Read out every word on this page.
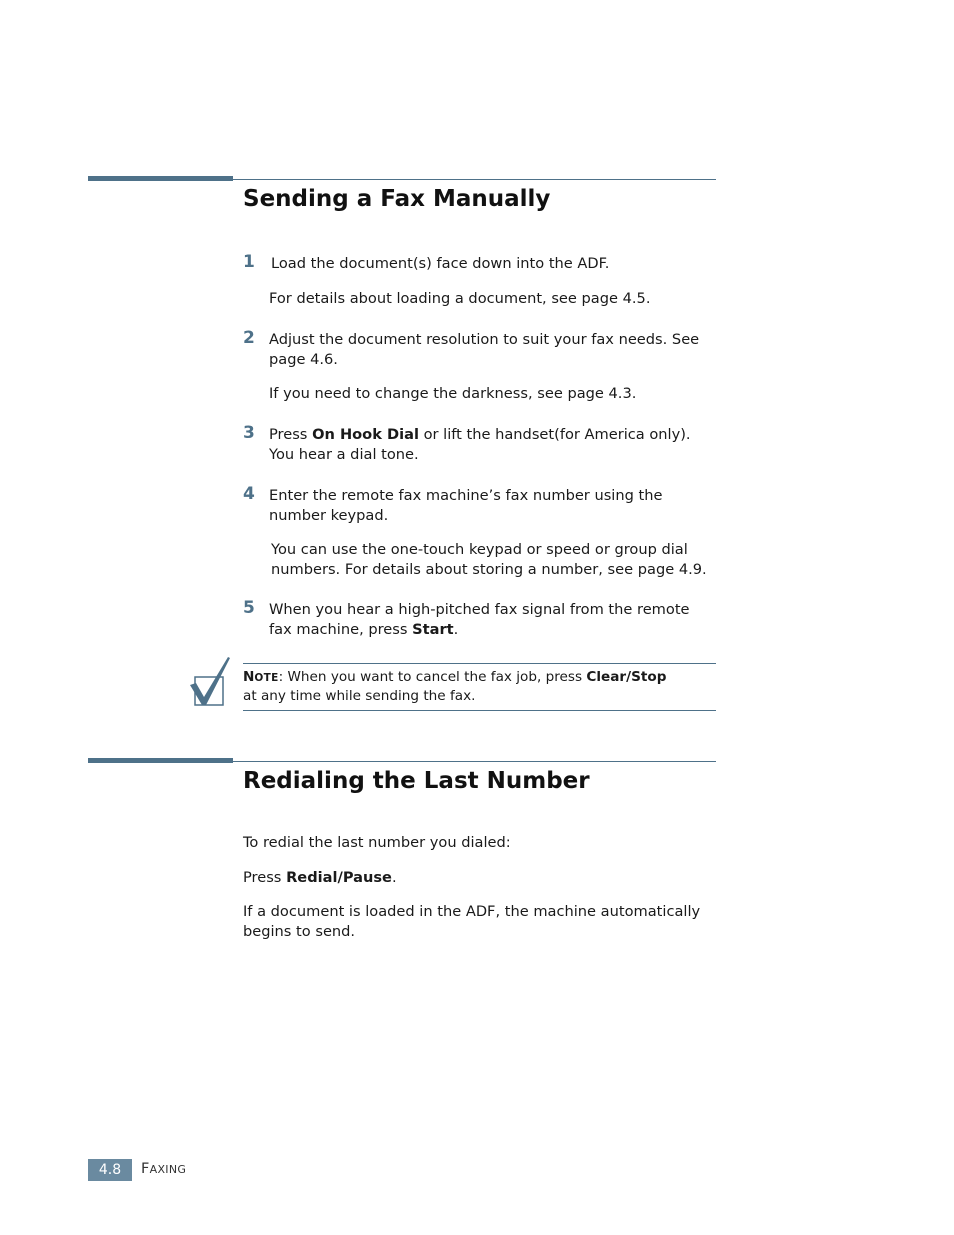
Sending a Fax Manually
1 Load the document(s) face down into the ADF.
For details about loading a document, see page 4.5.
2 Adjust the document resolution to suit your fax needs. See
page 4.6.
If you need to change the darkness, see page 4.3.
3 Press On Hook Dial or lift the handset(for America only).
You hear a dial tone.
4 Enter the remote fax machine’s fax number using the
number keypad.
You can use the one-touch keypad or speed or group dial
numbers. For details about storing a number, see page 4.9.
5 When you hear a high-pitched fax signal from the remote
fax machine, press Start.
NOTE: When you want to cancel the fax job, press Clear/Stop
at any time while sending the fax.
Redialing the Last Number
To redial the last number you dialed:
Press Redial/Pause.
If a document is loaded in the ADF, the machine automatically
begins to send.
4.8	FAXING
